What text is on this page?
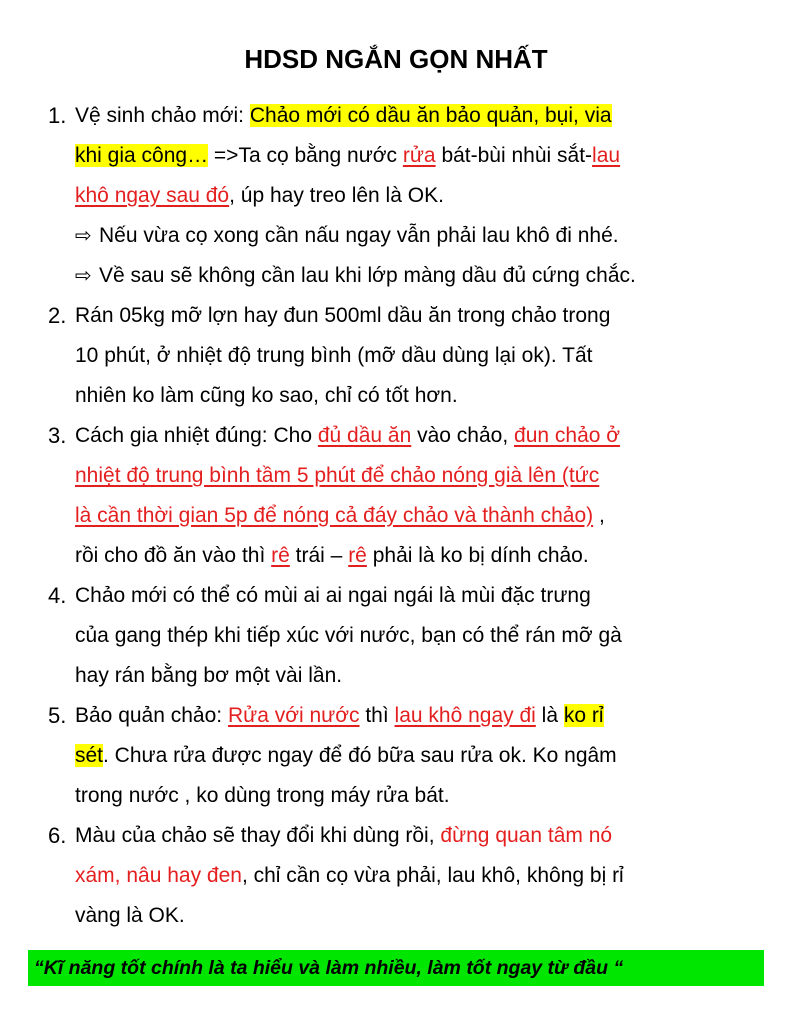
HDSD NGẮN GỌN NHẤT
1. Vệ sinh chảo mới: Chảo mới có dầu ăn bảo quản, bụi, via
khi gia công… =>Ta cọ bằng nước rửa bát-bùi nhùi sắt-lau
khô ngay sau đó, úp hay treo lên là OK.
⇨ Nếu vừa cọ xong cần nấu ngay vẫn phải lau khô đi nhé.
⇨ Về sau sẽ không cần lau khi lớp màng dầu đủ cứng chắc.
2. Rán 05kg mỡ lợn hay đun 500ml dầu ăn trong chảo trong
10 phút, ở nhiệt độ trung bình (mỡ dầu dùng lại ok). Tất
nhiên ko làm cũng ko sao, chỉ có tốt hơn.
3. Cách gia nhiệt đúng: Cho đủ dầu ăn vào chảo, đun chảo ở
nhiệt độ trung bình tầm 5 phút để chảo nóng già lên (tức
là cần thời gian 5p để nóng cả đáy chảo và thành chảo) ,
rồi cho đồ ăn vào thì rê trái – rê phải là ko bị dính chảo.
4. Chảo mới có thể có mùi ai ai ngai ngái là mùi đặc trưng
của gang thép khi tiếp xúc với nước, bạn có thể rán mỡ gà
hay rán bằng bơ một vài lần.
5. Bảo quản chảo: Rửa với nước thì lau khô ngay đi là ko rỉ
sét. Chưa rửa được ngay để đó bữa sau rửa ok. Ko ngâm
trong nước , ko dùng trong máy rửa bát.
6. Màu của chảo sẽ thay đổi khi dùng rồi, đừng quan tâm nó
xám, nâu hay đen, chỉ cần cọ vừa phải, lau khô, không bị rỉ
vàng là OK.
“Kĩ năng tốt chính là ta hiểu và làm nhiều, làm tốt ngay từ đầu “
